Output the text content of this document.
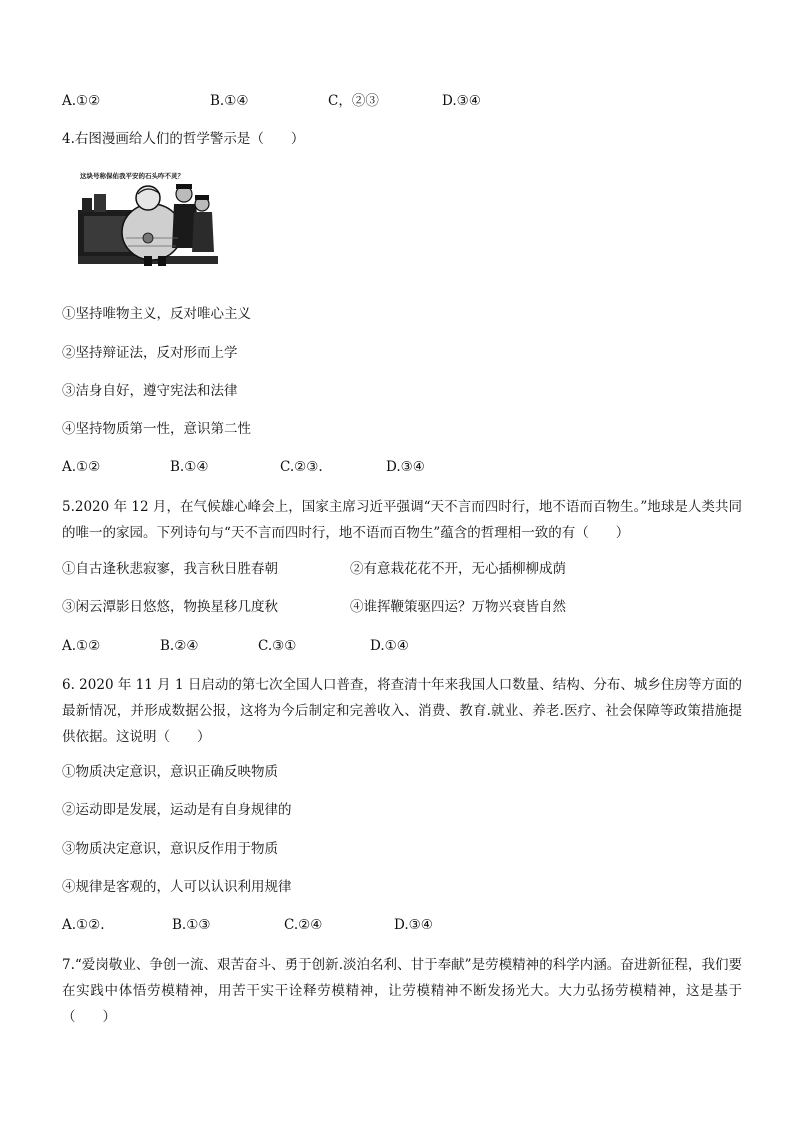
A.①②	B.①④	C，②③	D.③④
4.右图漫画给人们的哲学警示是（　　）
这块号称保佑我平安的石头咋不灵？
①坚持唯物主义，反对唯心主义
②坚持辩证法，反对形而上学
③洁身自好，遵守宪法和法律
④坚持物质第一性，意识第二性
A.①②	B.①④	C.②③.	D.③④
5.2020 年 12 月，在气候雄心峰会上，国家主席习近平强调“天不言而四时行，地不语而百物生。”地球是人类共同的唯一的家园。下列诗句与“天不言而四时行，地不语而百物生”蕴含的哲理相一致的有（　　）
①自古逢秋悲寂寥，我言秋日胜春朝	②有意栽花花不开，无心插柳柳成荫
③闲云潭影日悠悠，物换星移几度秋	④谁挥鞭策驱四运？万物兴衰皆自然
A.①②	B.②④	C.③①	D.①④
6. 2020 年 11 月 1 日启动的第七次全国人口普查，将查清十年来我国人口数量、结构、分布、城乡住房等方面的最新情况，并形成数据公报，这将为今后制定和完善收入、消费、教育.就业、养老.医疗、社会保障等政策措施提供依据。这说明（　　）
①物质决定意识，意识正确反映物质
②运动即是发展，运动是有自身规律的
③物质决定意识，意识反作用于物质
④规律是客观的，人可以认识利用规律
A.①②.	B.①③	C.②④	D.③④
7.“爱岗敬业、争创一流、艰苦奋斗、勇于创新.淡泊名利、甘于奉献”是劳模精神的科学内涵。奋进新征程，我们要在实践中体悟劳模精神，用苦干实干诠释劳模精神，让劳模精神不断发扬光大。大力弘扬劳模精神，这是基于（　　）
